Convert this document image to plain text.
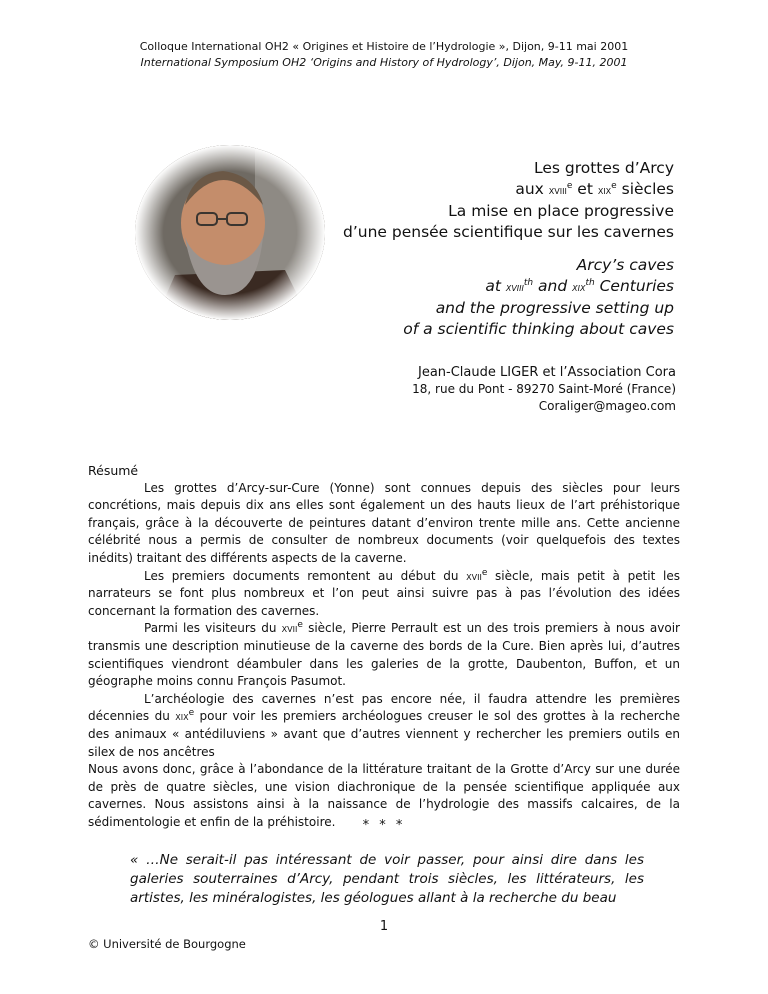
Colloque International OH2 « Origines et Histoire de l’Hydrologie », Dijon, 9-11 mai 2001
International Symposium OH2 ‘Origins and History of Hydrology’, Dijon, May, 9-11, 2001
Les grottes d’Arcy
aux xviii$^e$ et xix$^e$ siècles
La mise en place progressive
d’une pensée scientifique sur les cavernes
Arcy’s caves
at xviii$^{th}$ and xix$^{th}$ Centuries
and the progressive setting up
of a scientific thinking about caves
Jean-Claude LIGER et l’Association Cora
18, rue du Pont - 89270 Saint-Moré (France)
Coraliger@mageo.com

Résumé

Les grottes d’Arcy-sur-Cure (Yonne) sont connues depuis des siècles pour leurs concrétions, mais depuis dix ans elles sont également un des hauts lieux de l’art préhistorique français, grâce à la découverte de peintures datant d’environ trente mille ans. Cette ancienne célébrité nous a permis de consulter de nombreux documents (voir quelquefois des textes inédits) traitant des différents aspects de la caverne.

Les premiers documents remontent au début du xvii$^e$ siècle, mais petit à petit les narrateurs se font plus nombreux et l’on peut ainsi suivre pas à pas l’évolution des idées concernant la formation des cavernes.

Parmi les visiteurs du xvii$^e$ siècle, Pierre Perrault est un des trois premiers à nous avoir transmis une description minutieuse de la caverne des bords de la Cure. Bien après lui, d’autres scientifiques viendront déambuler dans les galeries de la grotte, Daubenton, Buffon, et un géographe moins connu François Pasumot.

L’archéologie des cavernes n’est pas encore née, il faudra attendre les premières décennies du xix$^e$ pour voir les premiers archéologues creuser le sol des grottes à la recherche des animaux « antédiluviens » avant que d’autres viennent y rechercher les premiers outils en silex de nos ancêtres

Nous avons donc, grâce à l’abondance de la littérature traitant de la Grotte d’Arcy sur une durée de près de quatre siècles, une vision diachronique de la pensée scientifique appliquée aux cavernes. Nous assistons ainsi à la naissance de l’hydrologie des massifs calcaires, de la sédimentologie et enfin de la préhistoire.	* * *
« …Ne serait-il pas intéressant de voir passer, pour ainsi dire dans les galeries souterraines d’Arcy, pendant trois siècles, les littérateurs, les artistes, les minéralogistes, les géologues allant à la recherche du beau
1
© Université de Bourgogne
